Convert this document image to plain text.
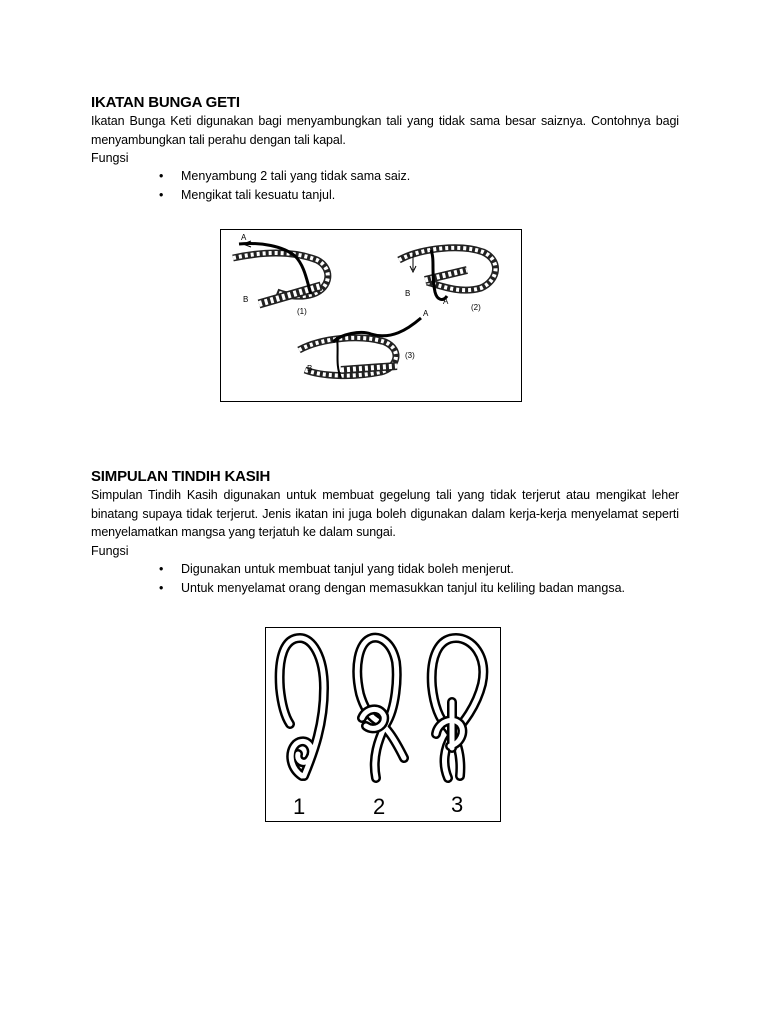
IKATAN BUNGA GETI

Ikatan Bunga Keti digunakan bagi menyambungkan tali yang tidak sama besar saiznya. Contohnya bagi menyambungkan tali perahu dengan tali kapal.

Fungsi

• Menyambung 2 tali yang tidak sama saiz.
• Mengikat tali kesuatu tanjul.
A
B
(1)
A
B
(2)
A
B
(3)
SIMPULAN TINDIH KASIH

Simpulan Tindih Kasih digunakan untuk membuat gegelung tali yang tidak terjerut atau mengikat leher binatang supaya tidak terjerut. Jenis ikatan ini juga boleh digunakan dalam kerja-kerja menyelamat seperti menyelamatkan mangsa yang terjatuh ke dalam sungai.

Fungsi

• Digunakan untuk membuat tanjul yang tidak boleh menjerut.
• Untuk menyelamat orang dengan memasukkan tanjul itu keliling badan mangsa.
1	2	3
